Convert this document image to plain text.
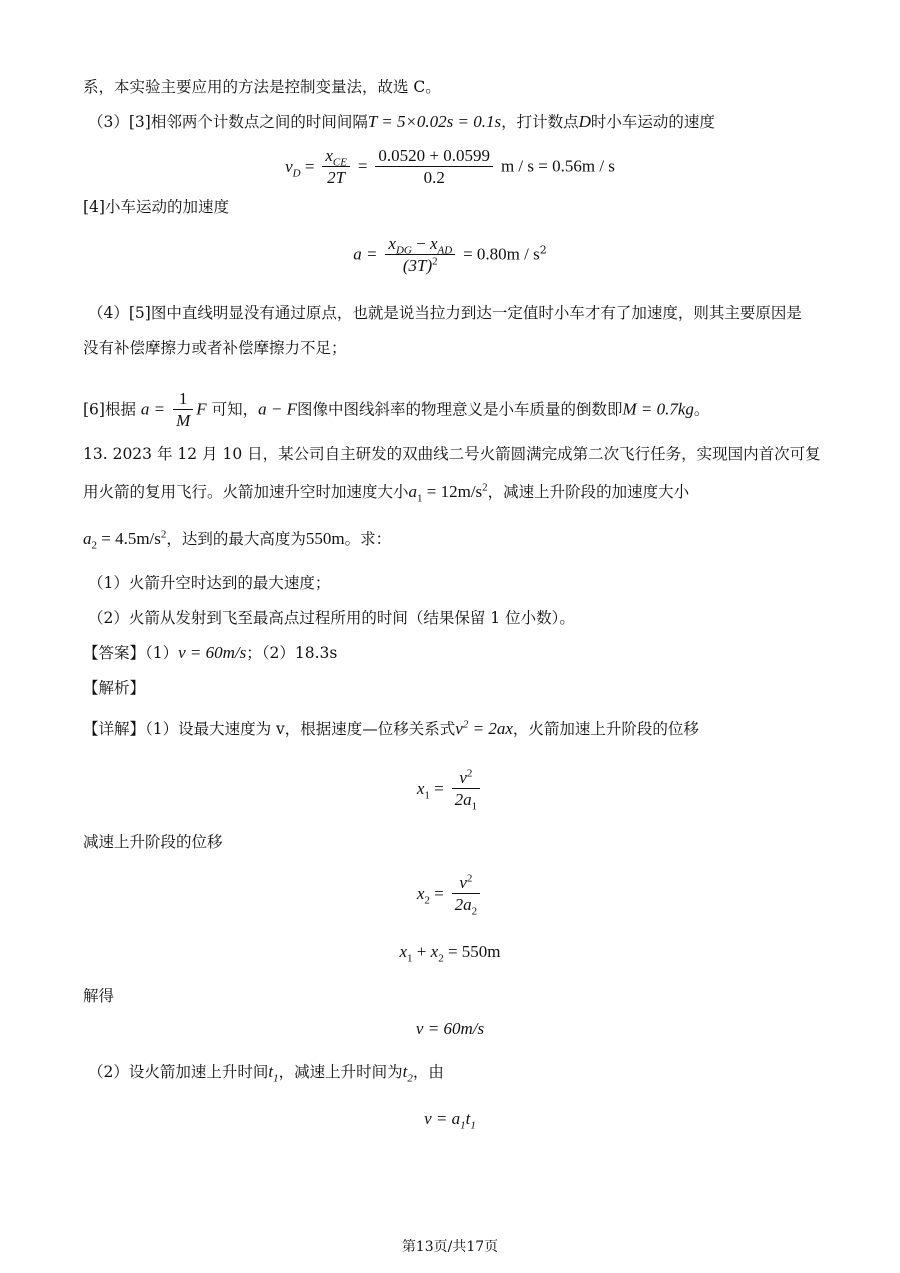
系，本实验主要应用的方法是控制变量法，故选 C。
（3）[3]相邻两个计数点之间的时间间隔T = 5×0.02s = 0.1s，打计数点D时小车运动的速度
$v_D = \frac{x_{CE}}{2T} = \frac{0.0520 + 0.0599}{0.2}$ m / s = 0.56m / s
[4]小车运动的加速度
$a = \frac{x_{DG} - x_{AD}}{(3T)^2} = 0.80m / s^2$
（4）[5]图中直线明显没有通过原点，也就是说当拉力到达一定值时小车才有了加速度，则其主要原因是
没有补偿摩擦力或者补偿摩擦力不足；
[6]根据 $a = \frac{1}{M}$ F 可知，a − F图像中图线斜率的物理意义是小车质量的倒数即M = 0.7kg。
13. 2023 年 12 月 10 日，某公司自主研发的双曲线二号火箭圆满完成第二次飞行任务，实现国内首次可复
用火箭的复用飞行。火箭加速升空时加速度大小$a_1 = 12m/s^2$，减速上升阶段的加速度大小
$a_2 = 4.5m/s^2$，达到的最大高度为550m。求：
（1）火箭升空时达到的最大速度；
（2）火箭从发射到飞至最高点过程所用的时间（结果保留 1 位小数）。
【答案】（1）v = 60m/s；（2）18.3s
【解析】
【详解】（1）设最大速度为 v，根据速度—位移关系式$v^2 = 2ax$，火箭加速上升阶段的位移
$x_1 = \frac{v^2}{2a_1}$
减速上升阶段的位移
$x_2 = \frac{v^2}{2a_2}$
$x_1 + x_2 = 550m$
解得
v = 60m/s
（2）设火箭加速上升时间$t_1$，减速上升时间为$t_2$，由
$v = a_1t_1$
第13页/共17页
